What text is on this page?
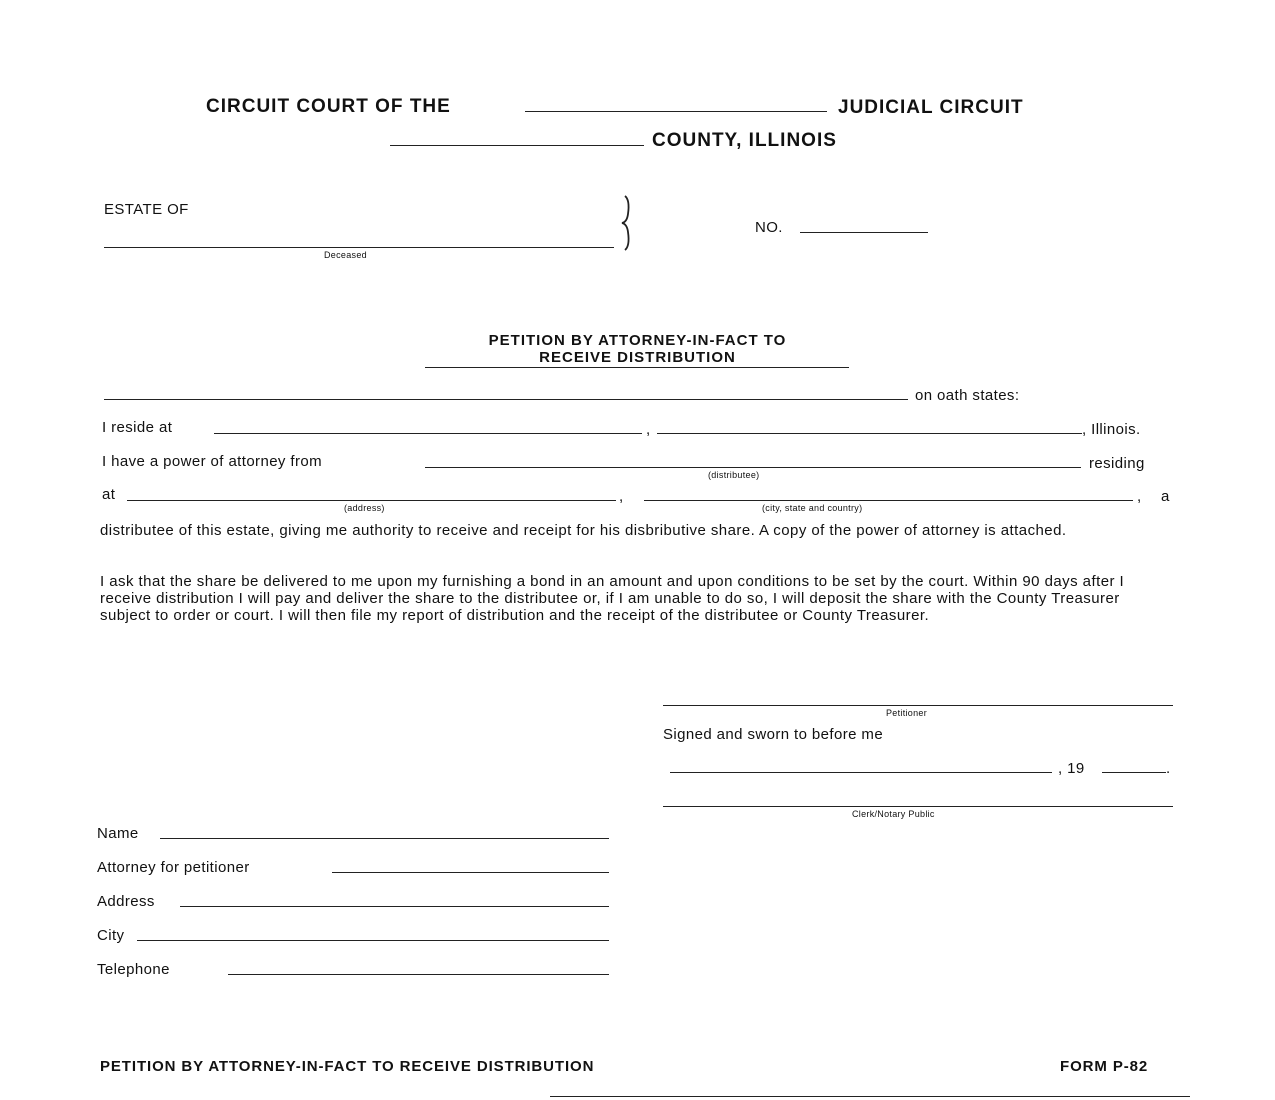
CIRCUIT COURT OF THE	JUDICIAL CIRCUIT
COUNTY, ILLINOIS
ESTATE OF
Deceased
NO.
PETITION BY ATTORNEY-IN-FACT TO
RECEIVE DISTRIBUTION
on oath states:
I reside at	,	, Illinois.
I have a power of attorney from
(distributee)
residing
at
(address)
,
(city, state and country)
, a
distributee of this estate, giving me authority to receive and receipt for his disbributive share. A copy of the power of attorney is attached.
I ask that the share be delivered to me upon my furnishing a bond in an amount and upon conditions to be set by the court. Within 90 days after I receive distribution I will pay and deliver the share to the distributee or, if I am unable to do so, I will deposit the share with the County Treasurer subject to order or court. I will then file my report of distribution and the receipt of the distributee or County Treasurer.
Petitioner
Signed and sworn to before me
, 19	.
Clerk/Notary Public
Name
Attorney for petitioner
Address
City
Telephone
PETITION BY ATTORNEY-IN-FACT TO RECEIVE DISTRIBUTION	FORM P-82
